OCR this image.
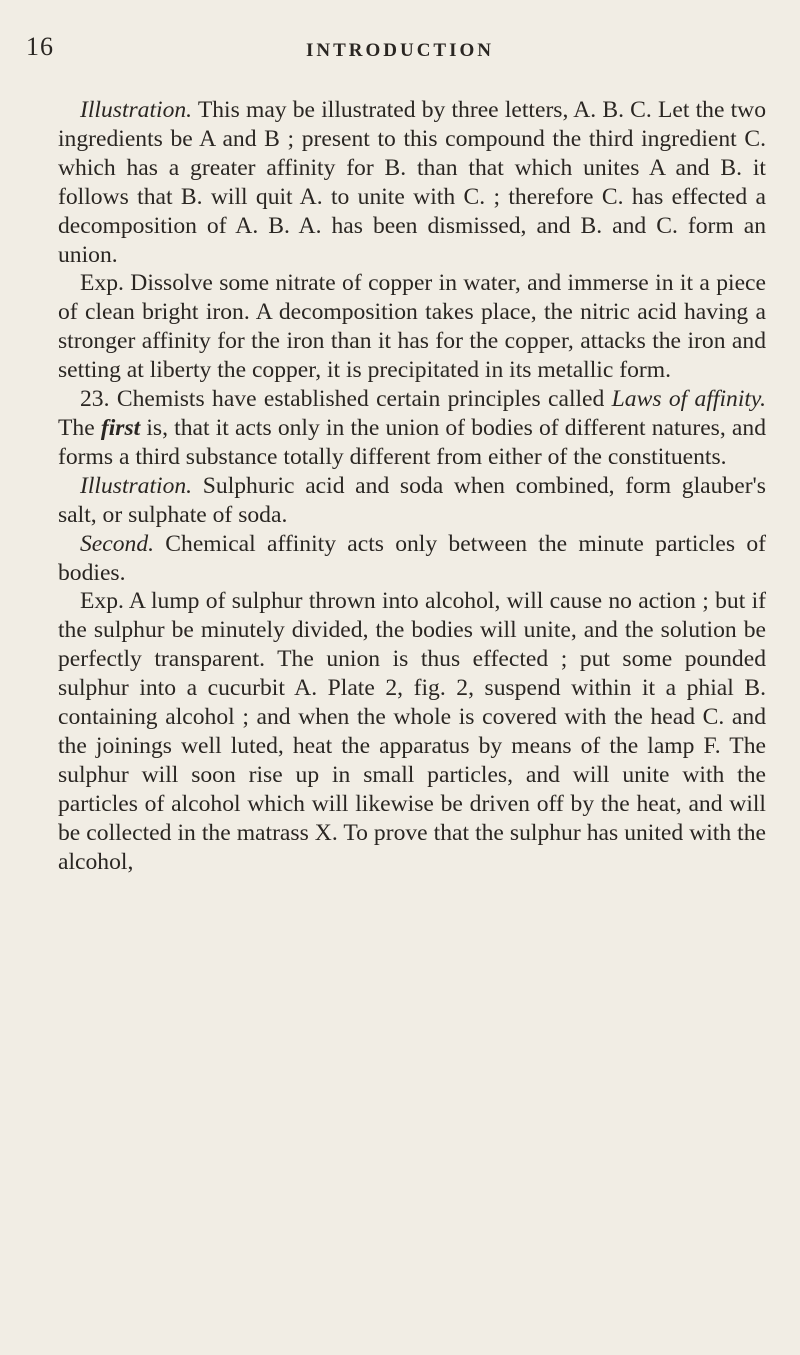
16	INTRODUCTION

Illustration. This may be illustrated by three letters, A. B. C. Let the two ingredients be A and B ; present to this compound the third ingredient C. which has a greater affinity for B. than that which unites A and B. it follows that B. will quit A. to unite with C. ; therefore C. has effected a decomposition of A. B. A. has been dismissed, and B. and C. form an union.

Exp. Dissolve some nitrate of copper in water, and immerse in it a piece of clean bright iron. A decomposition takes place, the nitric acid having a stronger affinity for the iron than it has for the copper, attacks the iron and setting at liberty the copper, it is precipitated in its metallic form.

23. Chemists have established certain principles called Laws of affinity. The first is, that it acts only in the union of bodies of different natures, and forms a third substance totally different from either of the constituents.

Illustration. Sulphuric acid and soda when combined, form glauber's salt, or sulphate of soda.

Second. Chemical affinity acts only between the minute particles of bodies.

Exp. A lump of sulphur thrown into alcohol, will cause no action ; but if the sulphur be minutely divided, the bodies will unite, and the solution be perfectly transparent. The union is thus effected ; put some pounded sulphur into a cucurbit A. Plate 2, fig. 2, suspend within it a phial B. containing alcohol ; and when the whole is covered with the head C. and the joinings well luted, heat the apparatus by means of the lamp F. The sulphur will soon rise up in small particles, and will unite with the particles of alcohol which will likewise be driven off by the heat, and will be collected in the matrass X. To prove that the sulphur has united with the alcohol,
